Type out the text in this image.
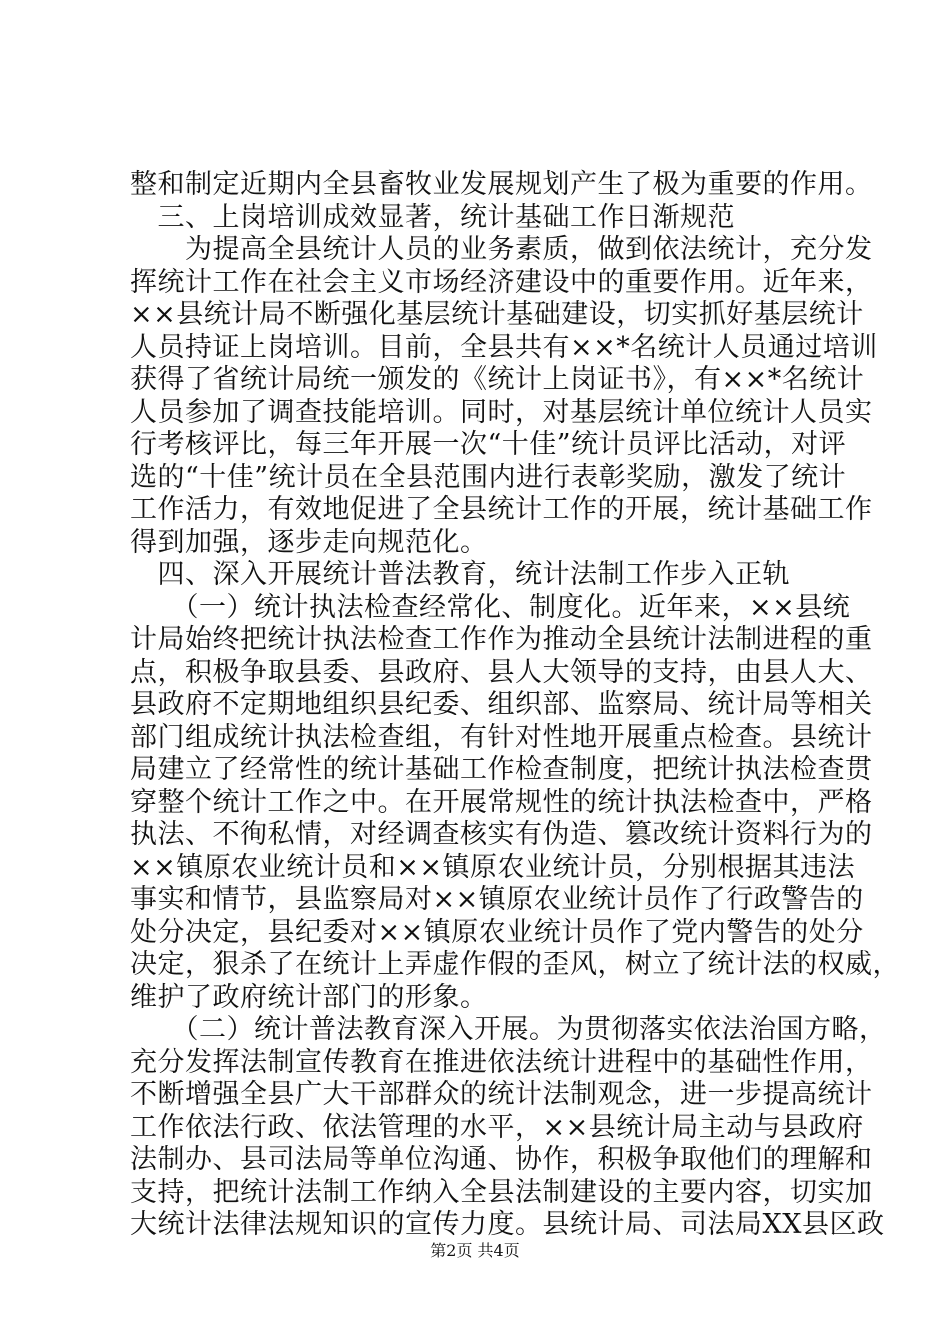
整和制定近期内全县畜牧业发展规划产生了极为重要的作用。
　三、上岗培训成效显著，统计基础工作日渐规范
　　为提高全县统计人员的业务素质，做到依法统计，充分发
挥统计工作在社会主义市场经济建设中的重要作用。近年来，
××县统计局不断强化基层统计基础建设，切实抓好基层统计
人员持证上岗培训。目前，全县共有××*名统计人员通过培训
获得了省统计局统一颁发的《统计上岗证书》，有××*名统计
人员参加了调查技能培训。同时，对基层统计单位统计人员实
行考核评比，每三年开展一次“十佳”统计员评比活动，对评
选的“十佳”统计员在全县范围内进行表彰奖励，激发了统计
工作活力，有效地促进了全县统计工作的开展，统计基础工作
得到加强，逐步走向规范化。
　四、深入开展统计普法教育，统计法制工作步入正轨
　　（一）统计执法检查经常化、制度化。近年来，××县统
计局始终把统计执法检查工作作为推动全县统计法制进程的重
点，积极争取县委、县政府、县人大领导的支持，由县人大、
县政府不定期地组织县纪委、组织部、监察局、统计局等相关
部门组成统计执法检查组，有针对性地开展重点检查。县统计
局建立了经常性的统计基础工作检查制度，把统计执法检查贯
穿整个统计工作之中。在开展常规性的统计执法检查中，严格
执法、不徇私情，对经调查核实有伪造、篡改统计资料行为的
××镇原农业统计员和××镇原农业统计员，分别根据其违法
事实和情节，县监察局对××镇原农业统计员作了行政警告的
处分决定，县纪委对××镇原农业统计员作了党内警告的处分
决定，狠杀了在统计上弄虚作假的歪风，树立了统计法的权威，
维护了政府统计部门的形象。
　　（二）统计普法教育深入开展。为贯彻落实依法治国方略，
充分发挥法制宣传教育在推进依法统计进程中的基础性作用，
不断增强全县广大干部群众的统计法制观念，进一步提高统计
工作依法行政、依法管理的水平，××县统计局主动与县政府
法制办、县司法局等单位沟通、协作，积极争取他们的理解和
支持，把统计法制工作纳入全县法制建设的主要内容，切实加
大统计法律法规知识的宣传力度。县统计局、司法局XX县区政
第2页 共4页
